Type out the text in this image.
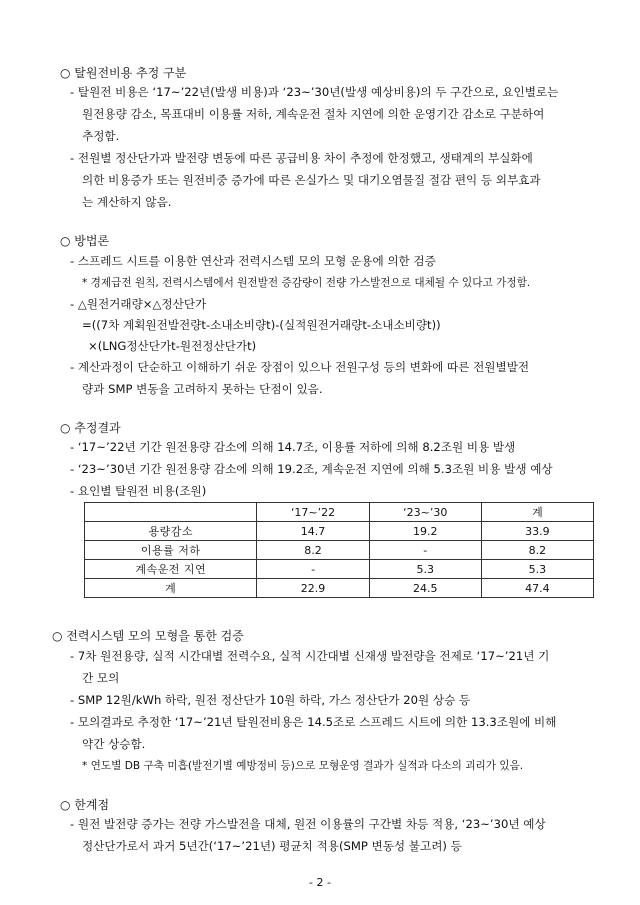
○ 탈원전비용 추정 구분
- 탈원전 비용은 ‘17~’22년(발생 비용)과 ‘23~’30년(발생 예상비용)의 두 구간으로, 요인별로는
원전용량 감소, 목표대비 이용률 저하, 계속운전 절차 지연에 의한 운영기간 감소로 구분하여
추정함.
- 전원별 정산단가과 발전량 변동에 따른 공급비용 차이 추정에 한정했고, 생태계의 부실화에
의한 비용증가 또는 원전비중 증가에 따른 온실가스 및 대기오염물질 절감 편익 등 외부효과
는 계산하지 않음.
○ 방법론
- 스프레드 시트를 이용한 연산과 전력시스템 모의 모형 운용에 의한 검증
* 경제급전 원칙, 전력시스템에서 원전발전 증감량이 전량 가스발전으로 대체될 수 있다고 가정함.
- △원전거래량×△정산단가
=((7차 계획원전발전량t-소내소비량t)-(실적원전거래량t-소내소비량t))
×(LNG정산단가t-원전정산단가t)
- 계산과정이 단순하고 이해하기 쉬운 장점이 있으나 전원구성 등의 변화에 따른 전원별발전
량과 SMP 변동을 고려하지 못하는 단점이 있음.
○ 추정결과
- ‘17~’22년 기간 원전용량 감소에 의해 14.7조, 이용률 저하에 의해 8.2조원 비용 발생
- ‘23~’30년 기간 원전용량 감소에 의해 19.2조, 계속운전 지연에 의해 5.3조원 비용 발생 예상
- 요인별 탈원전 비용(조원)
	‘17~’22	‘23~’30	계
용량감소	14.7	19.2	33.9
이용률 저하	8.2	-	8.2
계속운전 지연	-	5.3	5.3
계	22.9	24.5	47.4
○ 전력시스템 모의 모형을 통한 검증
- 7차 원전용량, 실적 시간대별 전력수요, 실적 시간대별 신재생 발전량을 전제로 ‘17~’21년 기
간 모의
- SMP 12원/kWh 하락, 원전 정산단가 10원 하락, 가스 정산단가 20원 상승 등
- 모의결과로 추정한 ‘17~’21년 탈원전비용은 14.5조로 스프레드 시트에 의한 13.3조원에 비해
약간 상승함.
* 연도별 DB 구축 미흡(발전기별 예방정비 등)으로 모형운영 결과가 실적과 다소의 괴리가 있음.
○ 한계점
- 원전 발전량 증가는 전량 가스발전을 대체, 원전 이용률의 구간별 차등 적용, ‘23~’30년 예상
정산단가로서 과거 5년간(‘17~’21년) 평균치 적용(SMP 변동성 불고려) 등
- 2 -
